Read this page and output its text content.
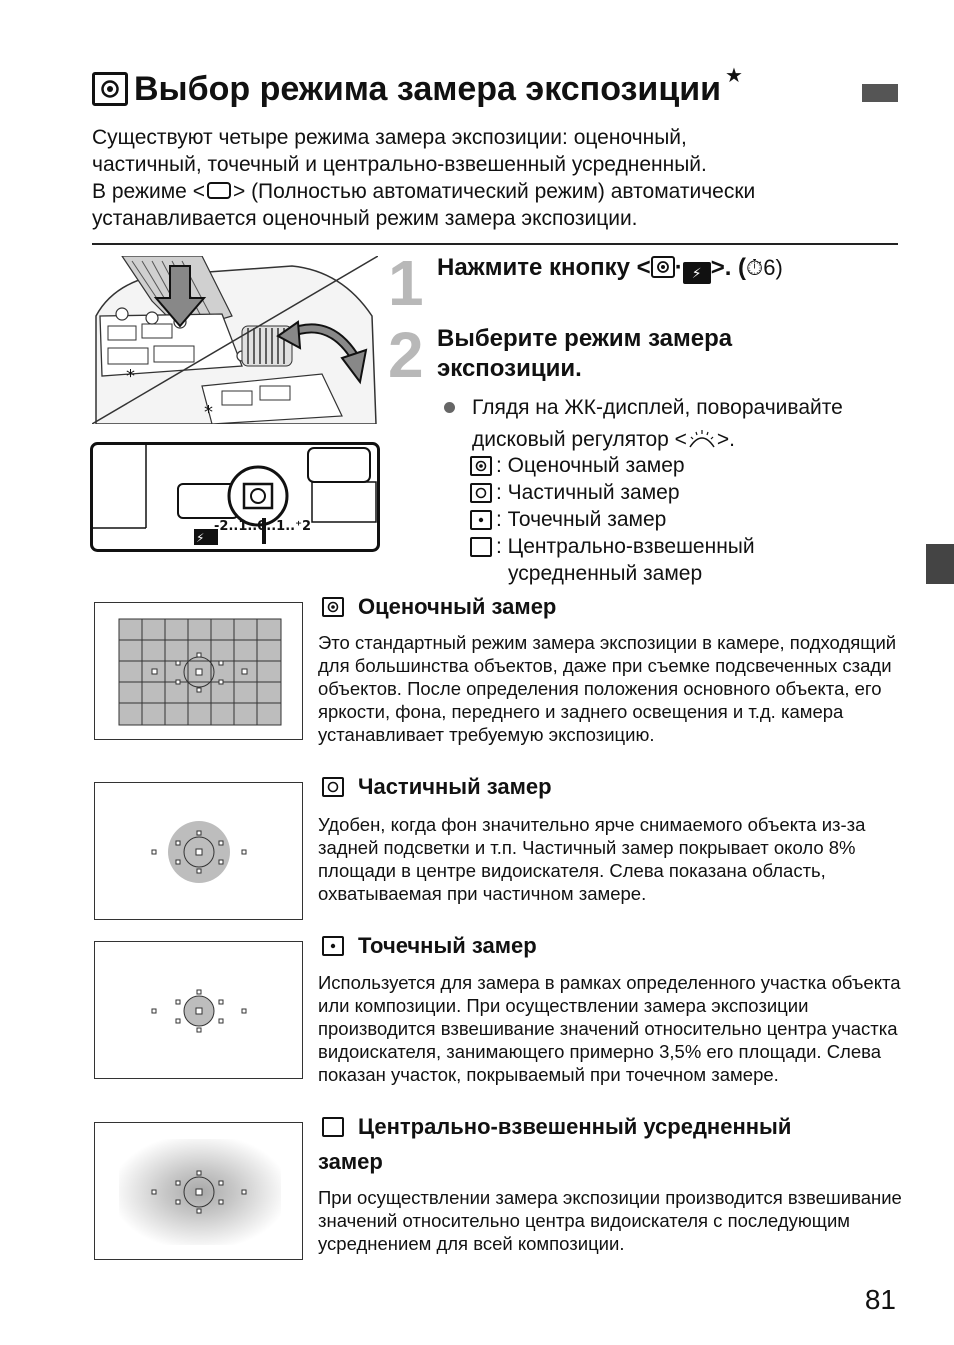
Выбор режима замера экспозиции ★
Существуют четыре режима замера экспозиции: оценочный,
частичный, точечный и центрально-взвешенный усредненный.
В режиме < > (Полностью автоматический режим) автоматически
устанавливается оценочный режим замера экспозиции.
*
*
⚡
-2..1..0..1..⁺2
1 Нажмите кнопку < · ⚡ >. (⏱6)
2 Выберите режим замера экспозиции.
Глядя на ЖК-дисплей, поворачивайте
дисковый регулятор < >.
: Оценочный замер
: Частичный замер
: Точечный замер
: Центрально-взвешенный
усредненный замер
Оценочный замер
Это стандартный режим замера экспозиции в камере, подходящий для большинства объектов, даже при съемке подсвеченных сзади объектов. После определения положения основного объекта, его яркости, фона, переднего и заднего освещения и т.д. камера устанавливает требуемую экспозицию.
Частичный замер
Удобен, когда фон значительно ярче снимаемого объекта из-за задней подсветки и т.п. Частичный замер покрывает около 8% площади в центре видоискателя. Слева показана область, охватываемая при частичном замере.
Точечный замер
Используется для замера в рамках определенного участка объекта или композиции. При осуществлении замера экспозиции производится взвешивание значений относительно центра участка видоискателя, занимающего примерно 3,5% его площади. Слева показан участок, покрываемый при точечном замере.
Центрально-взвешенный усредненный
замер
При осуществлении замера экспозиции производится взвешивание значений относительно центра видоискателя с последующим усреднением для всей композиции.
81
